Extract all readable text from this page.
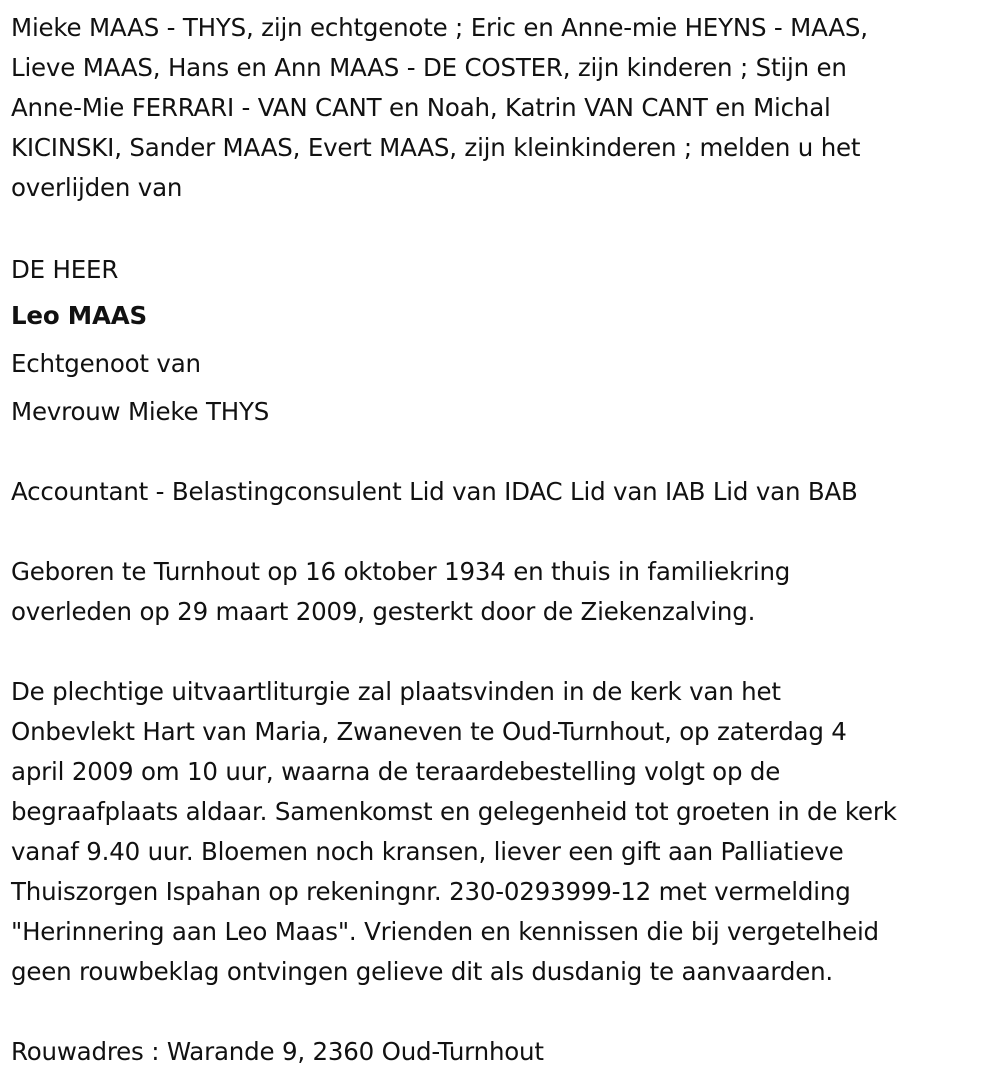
Mieke MAAS - THYS, zijn echtgenote ; Eric en Anne-mie HEYNS - MAAS,
Lieve MAAS, Hans en Ann MAAS - DE COSTER, zijn kinderen ; Stijn en
Anne-Mie FERRARI - VAN CANT en Noah, Katrin VAN CANT en Michal
KICINSKI, Sander MAAS, Evert MAAS, zijn kleinkinderen ; melden u het
overlijden van

DE HEER

Leo MAAS

Echtgenoot van

Mevrouw Mieke THYS

Accountant - Belastingconsulent Lid van IDAC Lid van IAB Lid van BAB

Geboren te Turnhout op 16 oktober 1934 en thuis in familiekring
overleden op 29 maart 2009, gesterkt door de Ziekenzalving.

De plechtige uitvaartliturgie zal plaatsvinden in de kerk van het
Onbevlekt Hart van Maria, Zwaneven te Oud-Turnhout, op zaterdag 4
april 2009 om 10 uur, waarna de teraardebestelling volgt op de
begraafplaats aldaar. Samenkomst en gelegenheid tot groeten in de kerk
vanaf 9.40 uur. Bloemen noch kransen, liever een gift aan Palliatieve
Thuiszorgen Ispahan op rekeningnr. 230-0293999-12 met vermelding
"Herinnering aan Leo Maas". Vrienden en kennissen die bij vergetelheid
geen rouwbeklag ontvingen gelieve dit als dusdanig te aanvaarden.

Rouwadres : Warande 9, 2360 Oud-Turnhout
